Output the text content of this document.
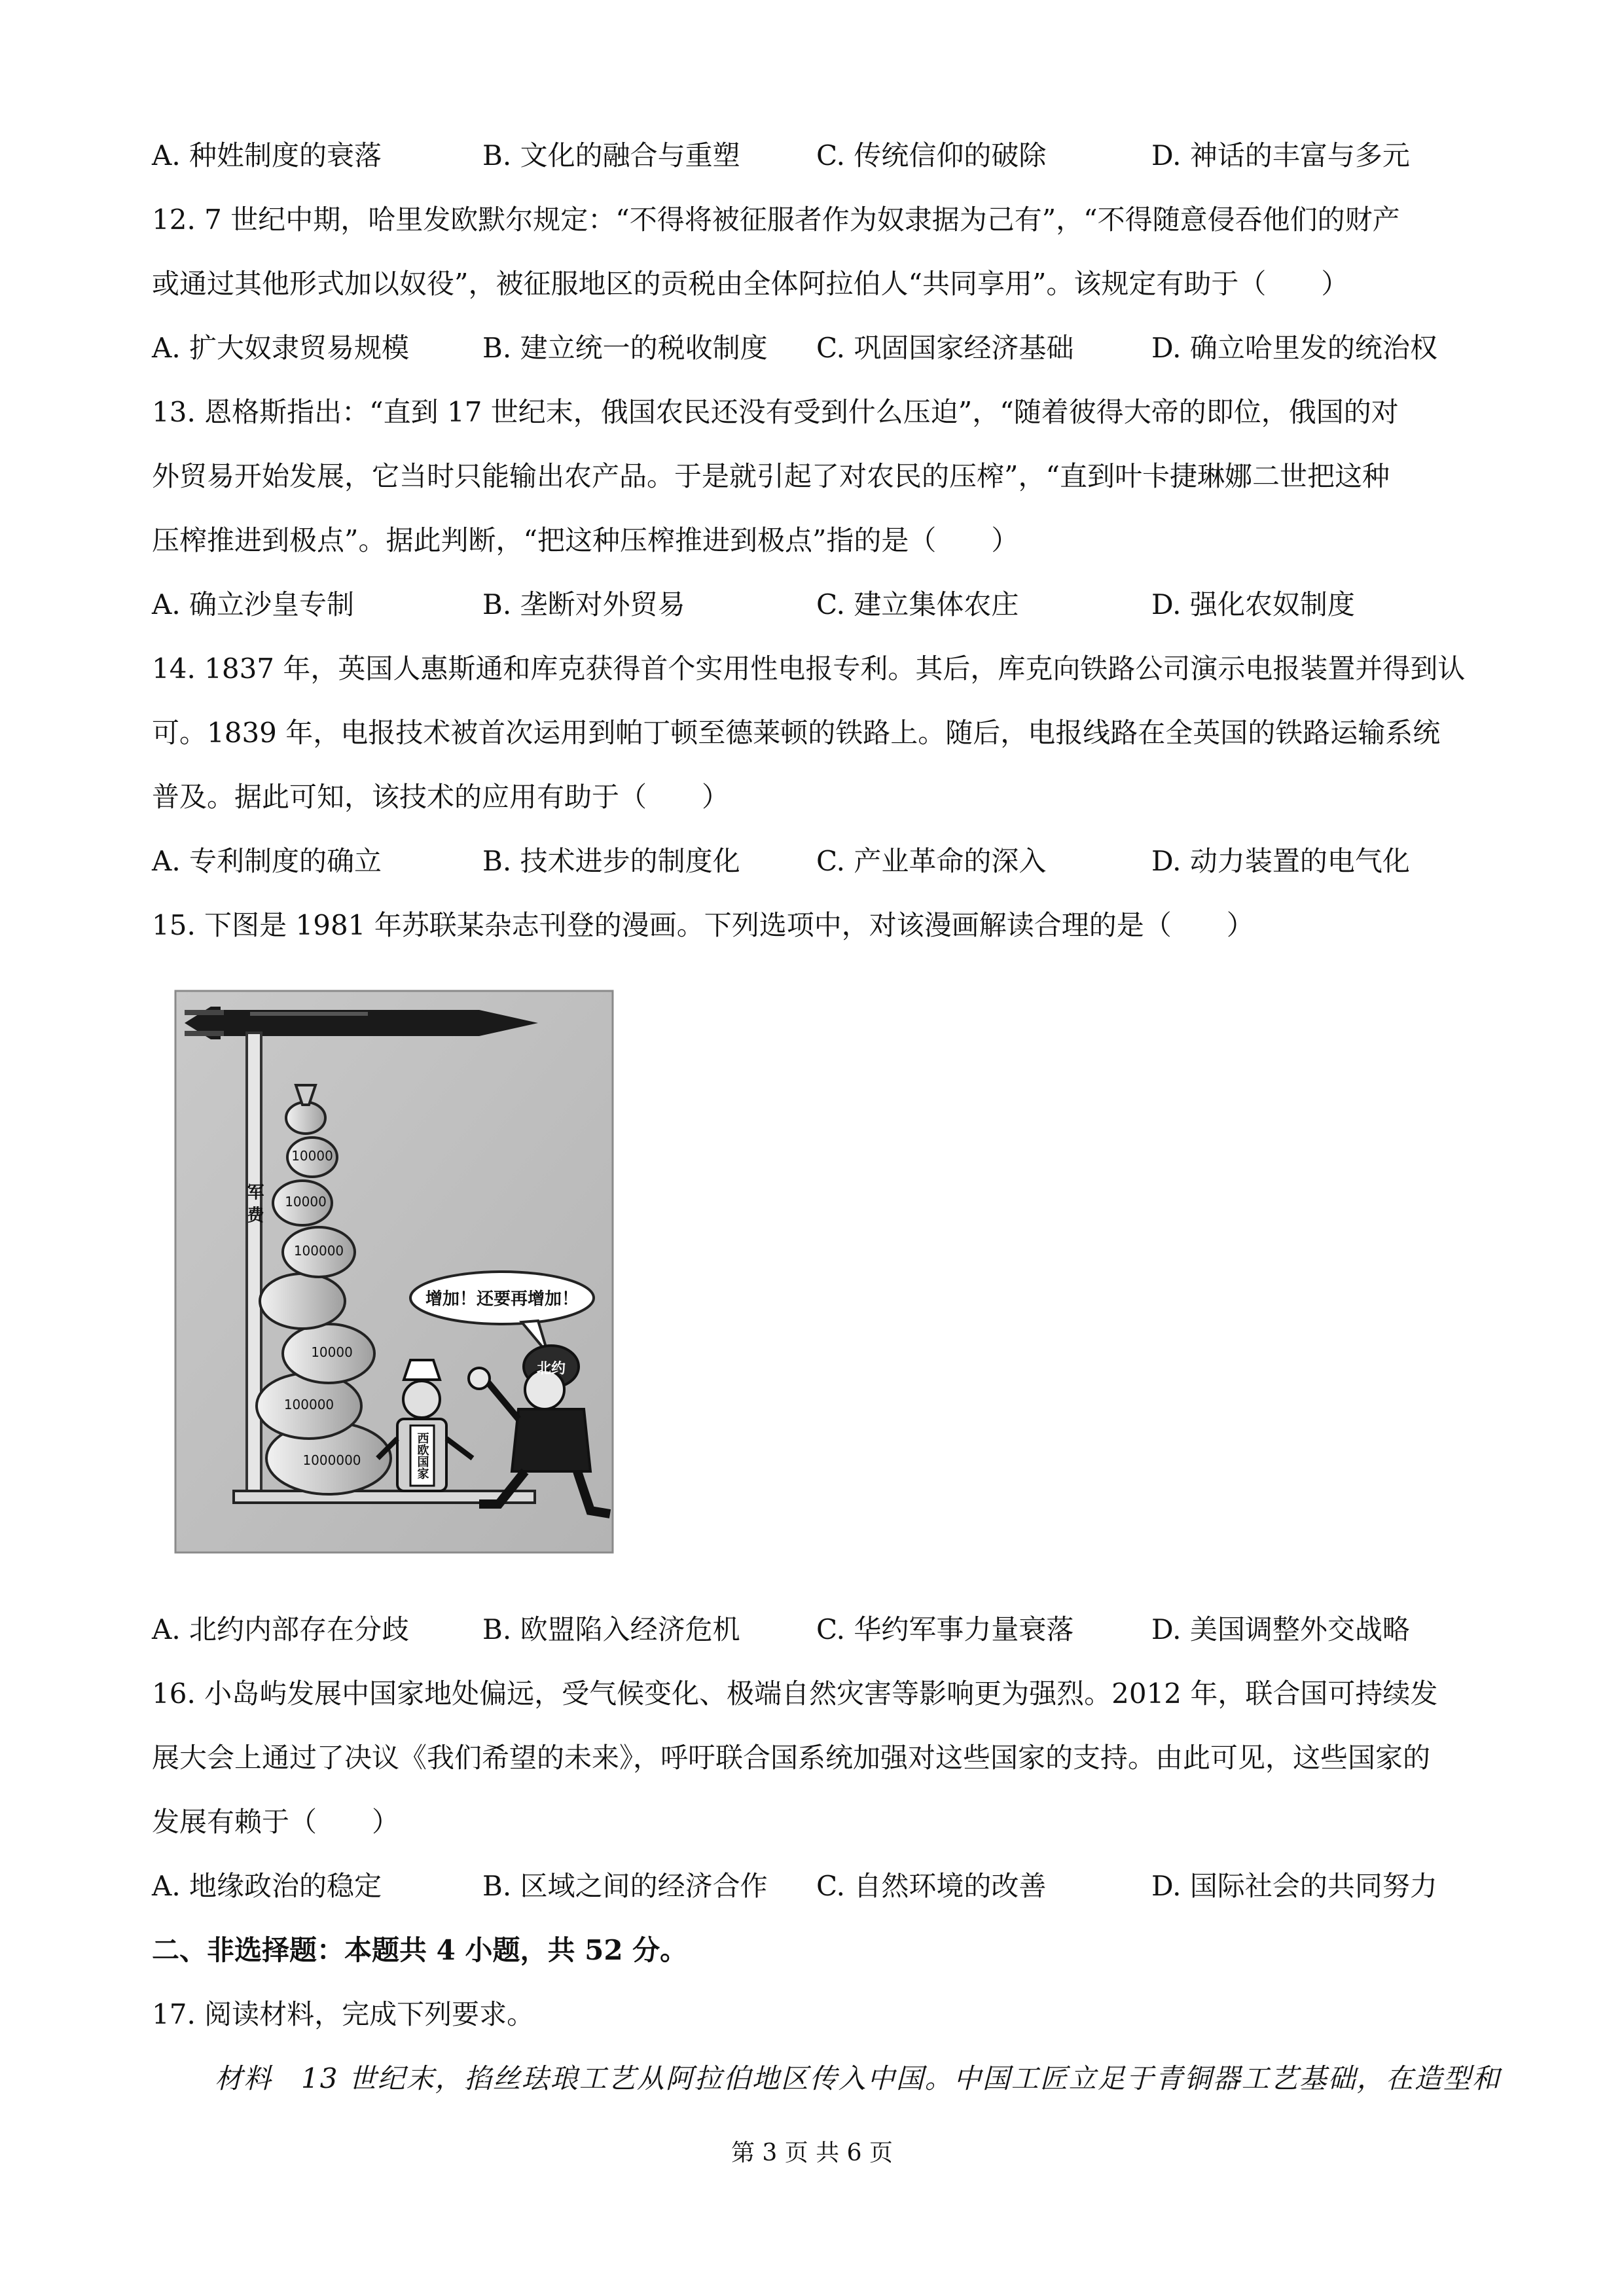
A. 种姓制度的衰落	B. 文化的融合与重塑	C. 传统信仰的破除	D. 神话的丰富与多元
12. 7 世纪中期，哈里发欧默尔规定：“不得将被征服者作为奴隶据为己有”，“不得随意侵吞他们的财产
或通过其他形式加以奴役”，被征服地区的贡税由全体阿拉伯人“共同享用”。该规定有助于（　　）
A. 扩大奴隶贸易规模	B. 建立统一的税收制度	C. 巩固国家经济基础	D. 确立哈里发的统治权
13. 恩格斯指出：“直到 17 世纪末，俄国农民还没有受到什么压迫”，“随着彼得大帝的即位，俄国的对
外贸易开始发展，它当时只能输出农产品。于是就引起了对农民的压榨”，“直到叶卡捷琳娜二世把这种
压榨推进到极点”。据此判断，“把这种压榨推进到极点”指的是（　　）
A. 确立沙皇专制	B. 垄断对外贸易	C. 建立集体农庄	D. 强化农奴制度
14. 1837 年，英国人惠斯通和库克获得首个实用性电报专利。其后，库克向铁路公司演示电报装置并得到认
可。1839 年，电报技术被首次运用到帕丁顿至德莱顿的铁路上。随后，电报线路在全英国的铁路运输系统
普及。据此可知，该技术的应用有助于（　　）
A. 专利制度的确立	B. 技术进步的制度化	C. 产业革命的深入	D. 动力装置的电气化
15. 下图是 1981 年苏联某杂志刊登的漫画。下列选项中，对该漫画解读合理的是（　　）
军 费
10000
10000
100000
10000
100000
1000000
增加！还要再增加！
北约
西欧国家
A. 北约内部存在分歧	B. 欧盟陷入经济危机	C. 华约军事力量衰落	D. 美国调整外交战略
16. 小岛屿发展中国家地处偏远，受气候变化、极端自然灾害等影响更为强烈。2012 年，联合国可持续发
展大会上通过了决议《我们希望的未来》，呼吁联合国系统加强对这些国家的支持。由此可见，这些国家的
发展有赖于（　　）
A. 地缘政治的稳定	B. 区域之间的经济合作	C. 自然环境的改善	D. 国际社会的共同努力
二、非选择题：本题共 4 小题，共 52 分。
17. 阅读材料，完成下列要求。
材料　13 世纪末，掐丝珐琅工艺从阿拉伯地区传入中国。中国工匠立足于青铜器工艺基础，在造型和
第 3 页 共 6 页
